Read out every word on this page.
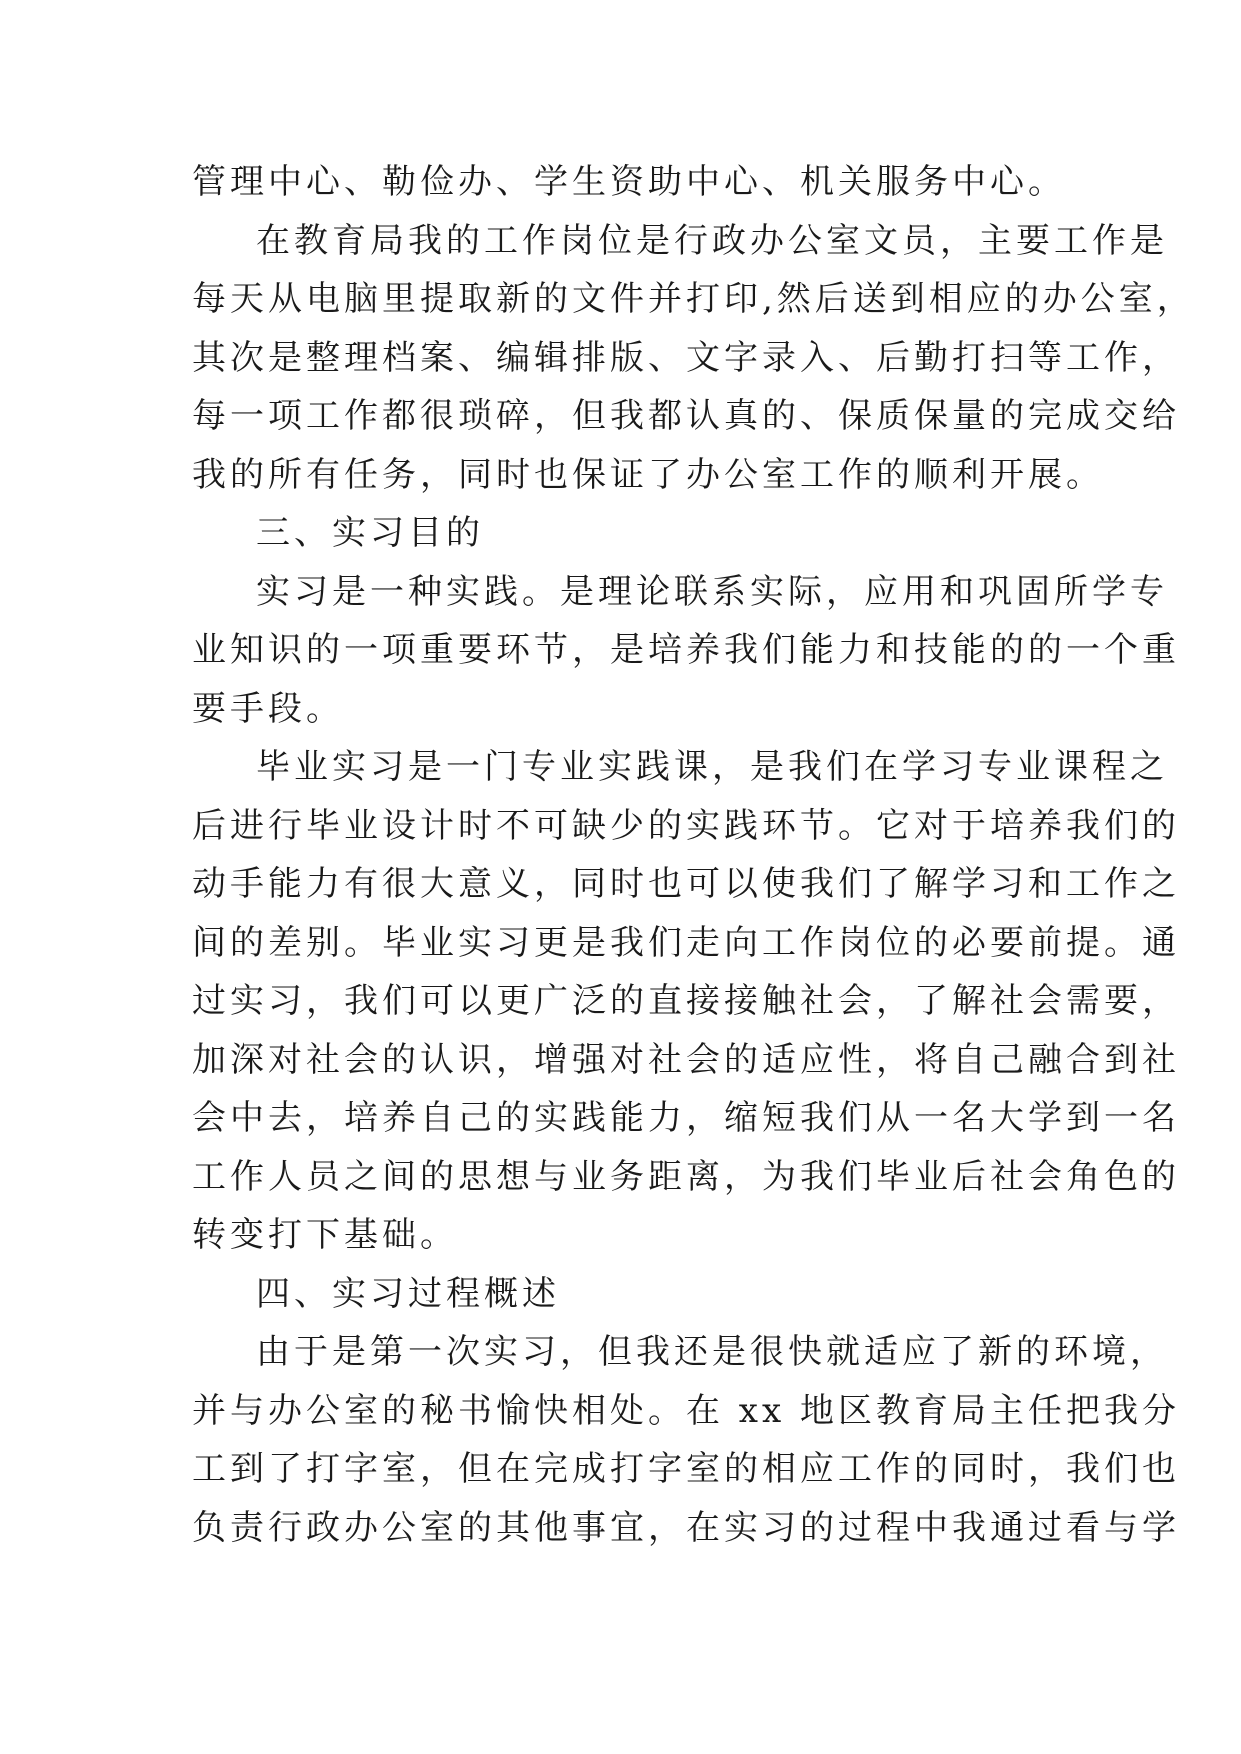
管理中心、勒俭办、学生资助中心、机关服务中心。
在教育局我的工作岗位是行政办公室文员，主要工作是
每天从电脑里提取新的文件并打印,然后送到相应的办公室，
其次是整理档案、编辑排版、文字录入、后勤打扫等工作，
每一项工作都很琐碎，但我都认真的、保质保量的完成交给
我的所有任务，同时也保证了办公室工作的顺利开展。
三、实习目的
实习是一种实践。是理论联系实际，应用和巩固所学专
业知识的一项重要环节，是培养我们能力和技能的的一个重
要手段。
毕业实习是一门专业实践课，是我们在学习专业课程之
后进行毕业设计时不可缺少的实践环节。它对于培养我们的
动手能力有很大意义，同时也可以使我们了解学习和工作之
间的差别。毕业实习更是我们走向工作岗位的必要前提。通
过实习，我们可以更广泛的直接接触社会，了解社会需要，
加深对社会的认识，增强对社会的适应性，将自己融合到社
会中去，培养自己的实践能力，缩短我们从一名大学到一名
工作人员之间的思想与业务距离，为我们毕业后社会角色的
转变打下基础。
四、实习过程概述
由于是第一次实习，但我还是很快就适应了新的环境，
并与办公室的秘书愉快相处。在 xx 地区教育局主任把我分
工到了打字室，但在完成打字室的相应工作的同时，我们也
负责行政办公室的其他事宜，在实习的过程中我通过看与学
